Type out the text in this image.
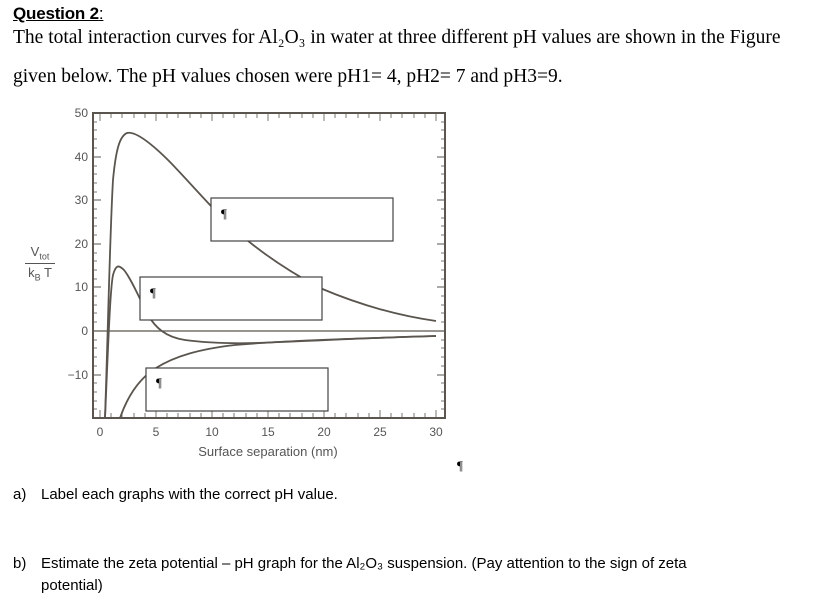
Question 2:
The total interaction curves for Al₂O₃ in water at three different pH values are shown in the Figure
given below. The pH values chosen were pH1= 4, pH2= 7 and pH3=9.
$V_{tot}$
$k_B$ T
50
40
30
20
10
0
−10
0	5	10	15	20	25	30
Surface separation (nm)
¶
¶
¶
¶
a) Label each graphs with the correct pH value.
b) Estimate the zeta potential – pH graph for the Al₂O₃ suspension. (Pay attention to the sign of zeta
potential)
